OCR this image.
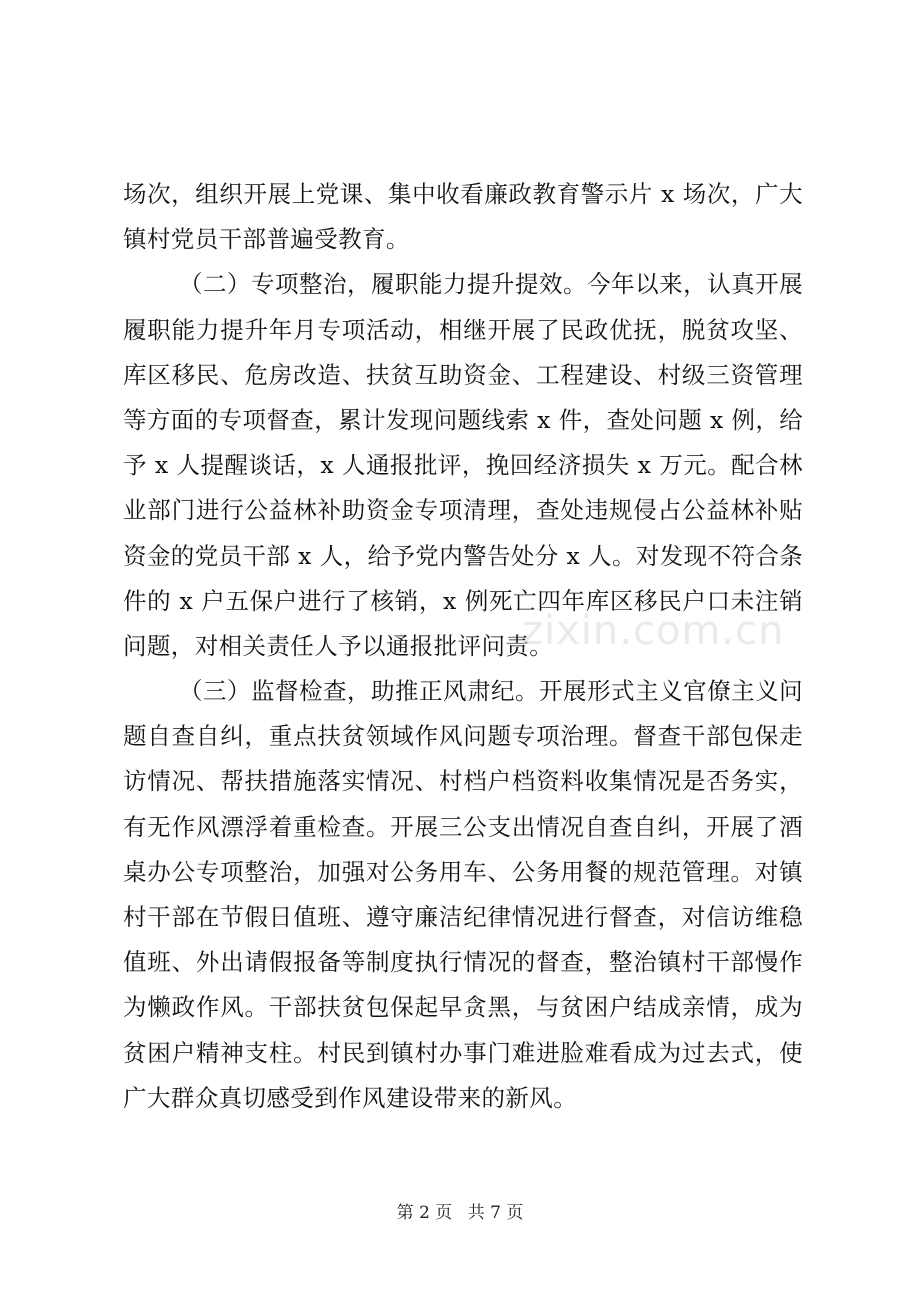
场次，组织开展上党课、集中收看廉政教育警示片 x 场次，广大
镇村党员干部普遍受教育。
（二）专项整治，履职能力提升提效。今年以来，认真开展
履职能力提升年月专项活动，相继开展了民政优抚，脱贫攻坚、
库区移民、危房改造、扶贫互助资金、工程建设、村级三资管理
等方面的专项督查，累计发现问题线索 x 件，查处问题 x 例，给
予 x 人提醒谈话，x 人通报批评，挽回经济损失 x 万元。配合林
业部门进行公益林补助资金专项清理，查处违规侵占公益林补贴
资金的党员干部 x 人，给予党内警告处分 x 人。对发现不符合条
件的 x 户五保户进行了核销，x 例死亡四年库区移民户口未注销
问题，对相关责任人予以通报批评问责。
（三）监督检查，助推正风肃纪。开展形式主义官僚主义问
题自查自纠，重点扶贫领域作风问题专项治理。督查干部包保走
访情况、帮扶措施落实情况、村档户档资料收集情况是否务实，
有无作风漂浮着重检查。开展三公支出情况自查自纠，开展了酒
桌办公专项整治，加强对公务用车、公务用餐的规范管理。对镇
村干部在节假日值班、遵守廉洁纪律情况进行督查，对信访维稳
值班、外出请假报备等制度执行情况的督查，整治镇村干部慢作
为懒政作风。干部扶贫包保起早贪黑，与贫困户结成亲情，成为
贫困户精神支柱。村民到镇村办事门难进脸难看成为过去式，使
广大群众真切感受到作风建设带来的新风。
zixin.com.cn
第 2 页 共 7 页
